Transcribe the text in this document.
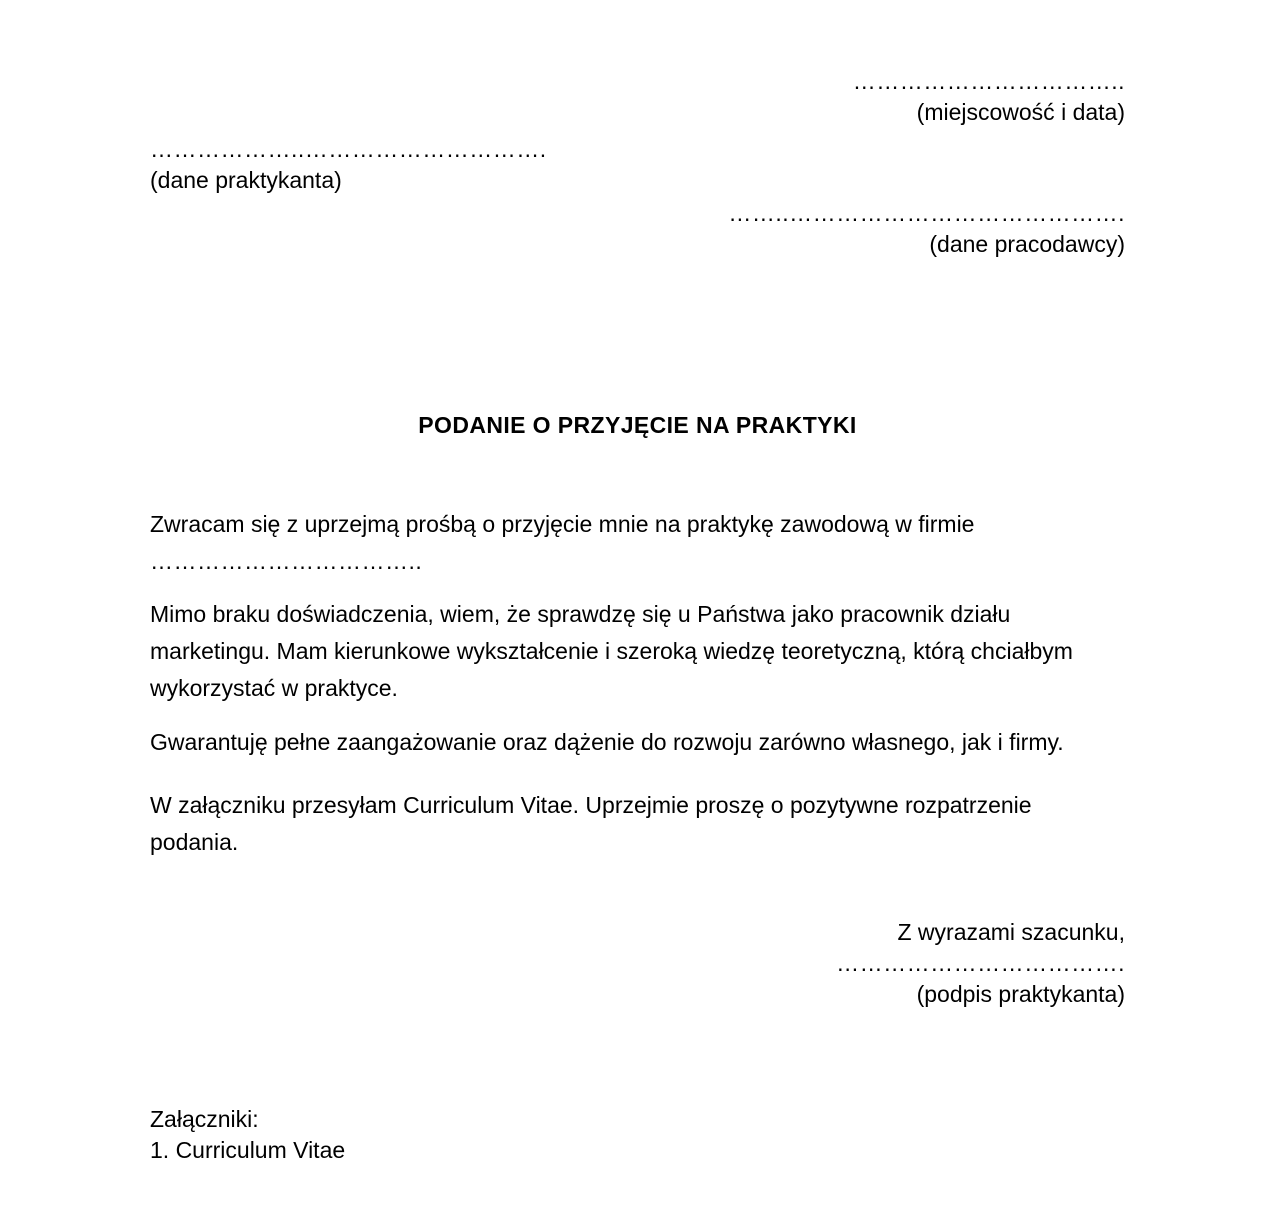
……………………………..
(miejscowość i data)
………………..………………………….
(dane praktykanta)
……..…………………………………….
(dane pracodawcy)
PODANIE O PRZYJĘCIE NA PRAKTYKI

Zwracam się z uprzejmą prośbą o przyjęcie mnie na praktykę zawodową w firmie
……………………………..

Mimo braku doświadczenia, wiem, że sprawdzę się u Państwa jako pracownik działu marketingu. Mam kierunkowe wykształcenie i szeroką wiedzę teoretyczną, którą chciałbym wykorzystać w praktyce.

Gwarantuję pełne zaangażowanie oraz dążenie do rozwoju zarówno własnego, jak i firmy.

W załączniku przesyłam Curriculum Vitae. Uprzejmie proszę o pozytywne rozpatrzenie podania.

Z wyrazami szacunku,
……………………………….
(podpis praktykanta)
Załączniki:
1. Curriculum Vitae
